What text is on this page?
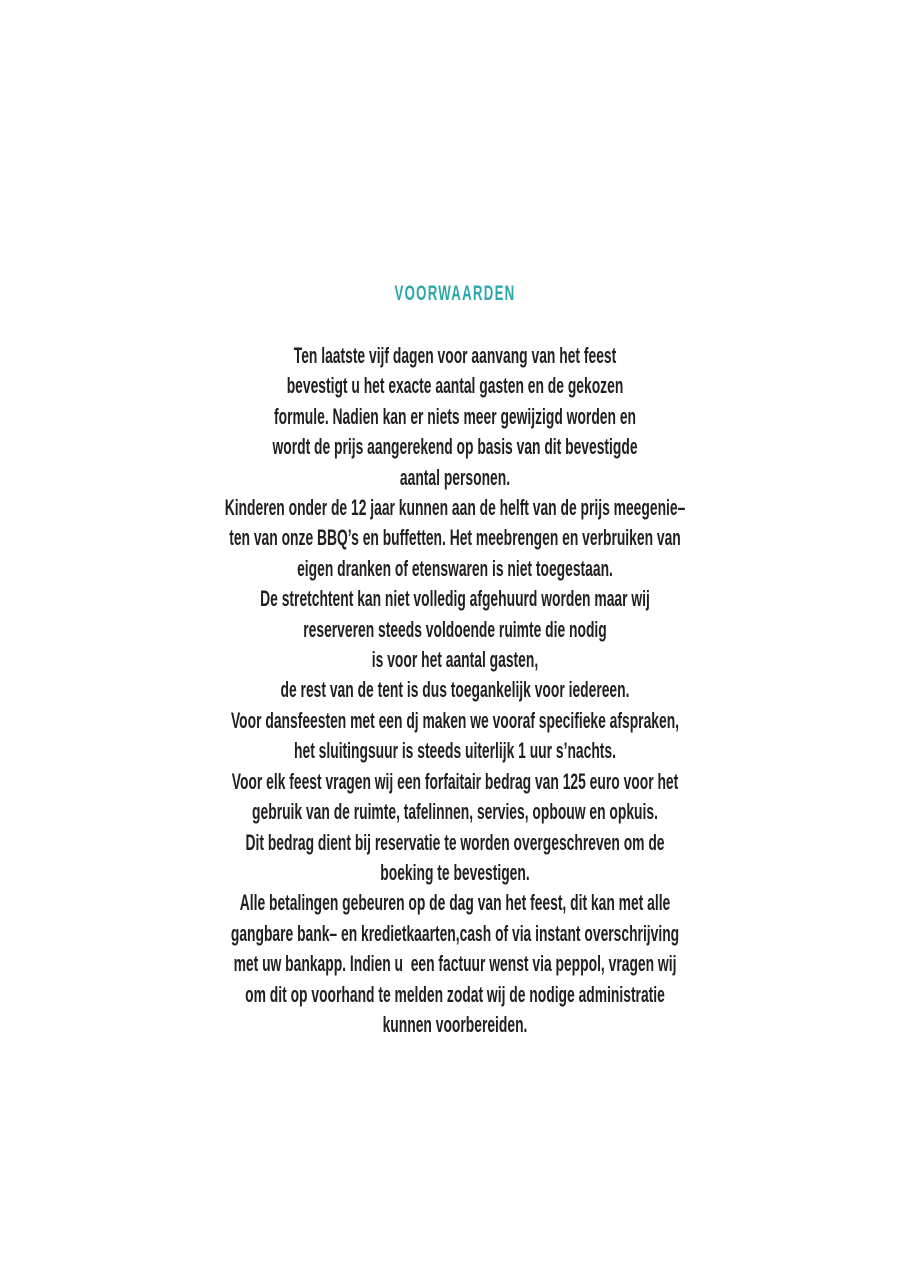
VOORWAARDEN
Ten laatste vijf dagen voor aanvang van het feest
bevestigt u het exacte aantal gasten en de gekozen
formule. Nadien kan er niets meer gewijzigd worden en
wordt de prijs aangerekend op basis van dit bevestigde
aantal personen.
Kinderen onder de 12 jaar kunnen aan de helft van de prijs meegenie–
ten van onze BBQ’s en buffetten. Het meebrengen en verbruiken van
eigen dranken of etenswaren is niet toegestaan.
De stretchtent kan niet volledig afgehuurd worden maar wij
reserveren steeds voldoende ruimte die nodig
is voor het aantal gasten,
de rest van de tent is dus toegankelijk voor iedereen.
Voor dansfeesten met een dj maken we vooraf specifieke afspraken,
het sluitingsuur is steeds uiterlijk 1 uur s’nachts.
Voor elk feest vragen wij een forfaitair bedrag van 125 euro voor het
gebruik van de ruimte, tafelinnen, servies, opbouw en opkuis.
Dit bedrag dient bij reservatie te worden overgeschreven om de
boeking te bevestigen.
Alle betalingen gebeuren op de dag van het feest, dit kan met alle
gangbare bank– en kredietkaarten,cash of via instant overschrijving
met uw bankapp. Indien u  een factuur wenst via peppol, vragen wij
om dit op voorhand te melden zodat wij de nodige administratie
kunnen voorbereiden.
